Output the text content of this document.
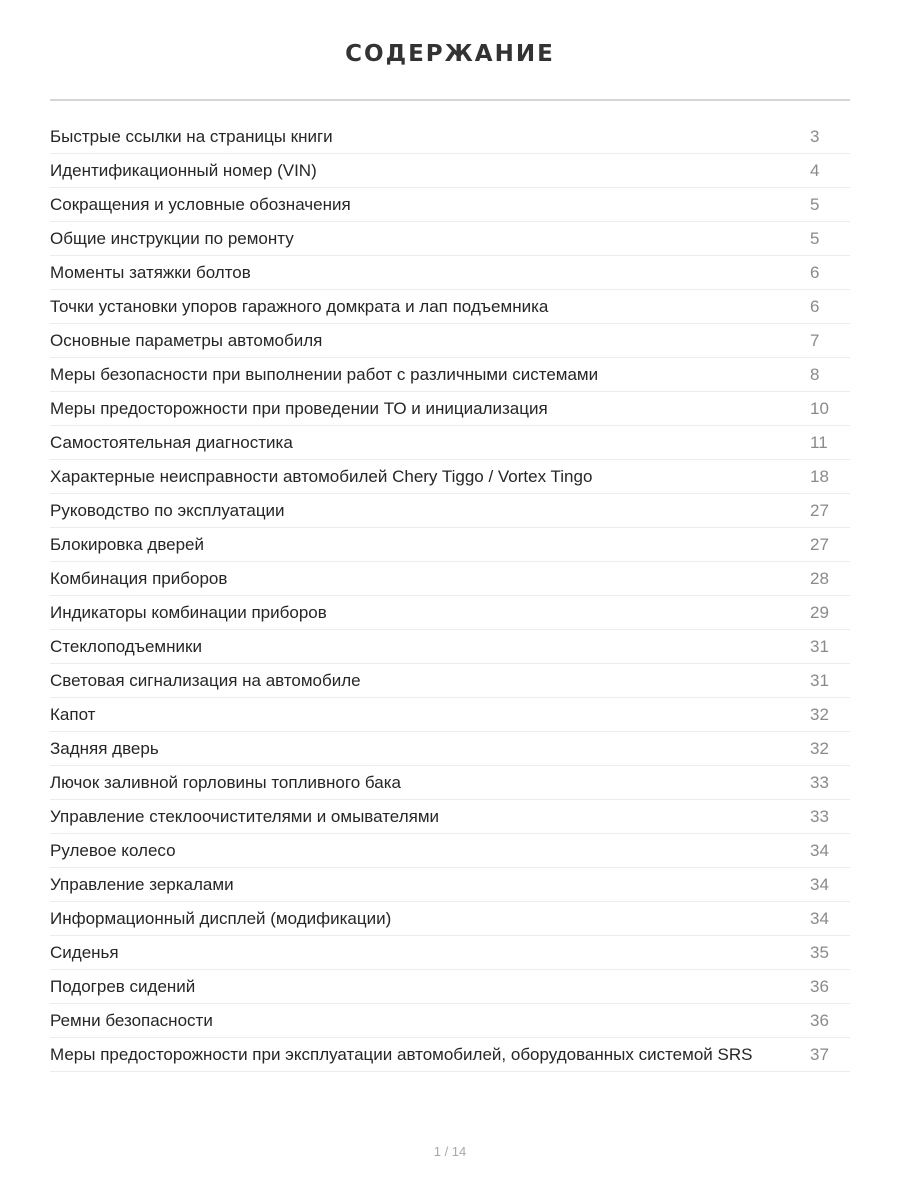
СОДЕРЖАНИЕ
Быстрые ссылки на страницы книги	3
Идентификационный номер (VIN)	4
Сокращения и условные обозначения	5
Общие инструкции по ремонту	5
Моменты затяжки болтов	6
Точки установки упоров гаражного домкрата и лап подъемника	6
Основные параметры автомобиля	7
Меры безопасности при выполнении работ с различными системами	8
Меры предосторожности при проведении ТО и инициализация	10
Самостоятельная диагностика	11
Характерные неисправности автомобилей Chery Tiggo / Vortex Tingo	18
Руководство по эксплуатации	27
Блокировка дверей	27
Комбинация приборов	28
Индикаторы комбинации приборов	29
Стеклоподъемники	31
Световая сигнализация на автомобиле	31
Капот	32
Задняя дверь	32
Лючок заливной горловины топливного бака	33
Управление стеклоочистителями и омывателями	33
Рулевое колесо	34
Управление зеркалами	34
Информационный дисплей (модификации)	34
Сиденья	35
Подогрев сидений	36
Ремни безопасности	36
Меры предосторожности при эксплуатации автомобилей, оборудованных системой SRS	37
1 / 14
